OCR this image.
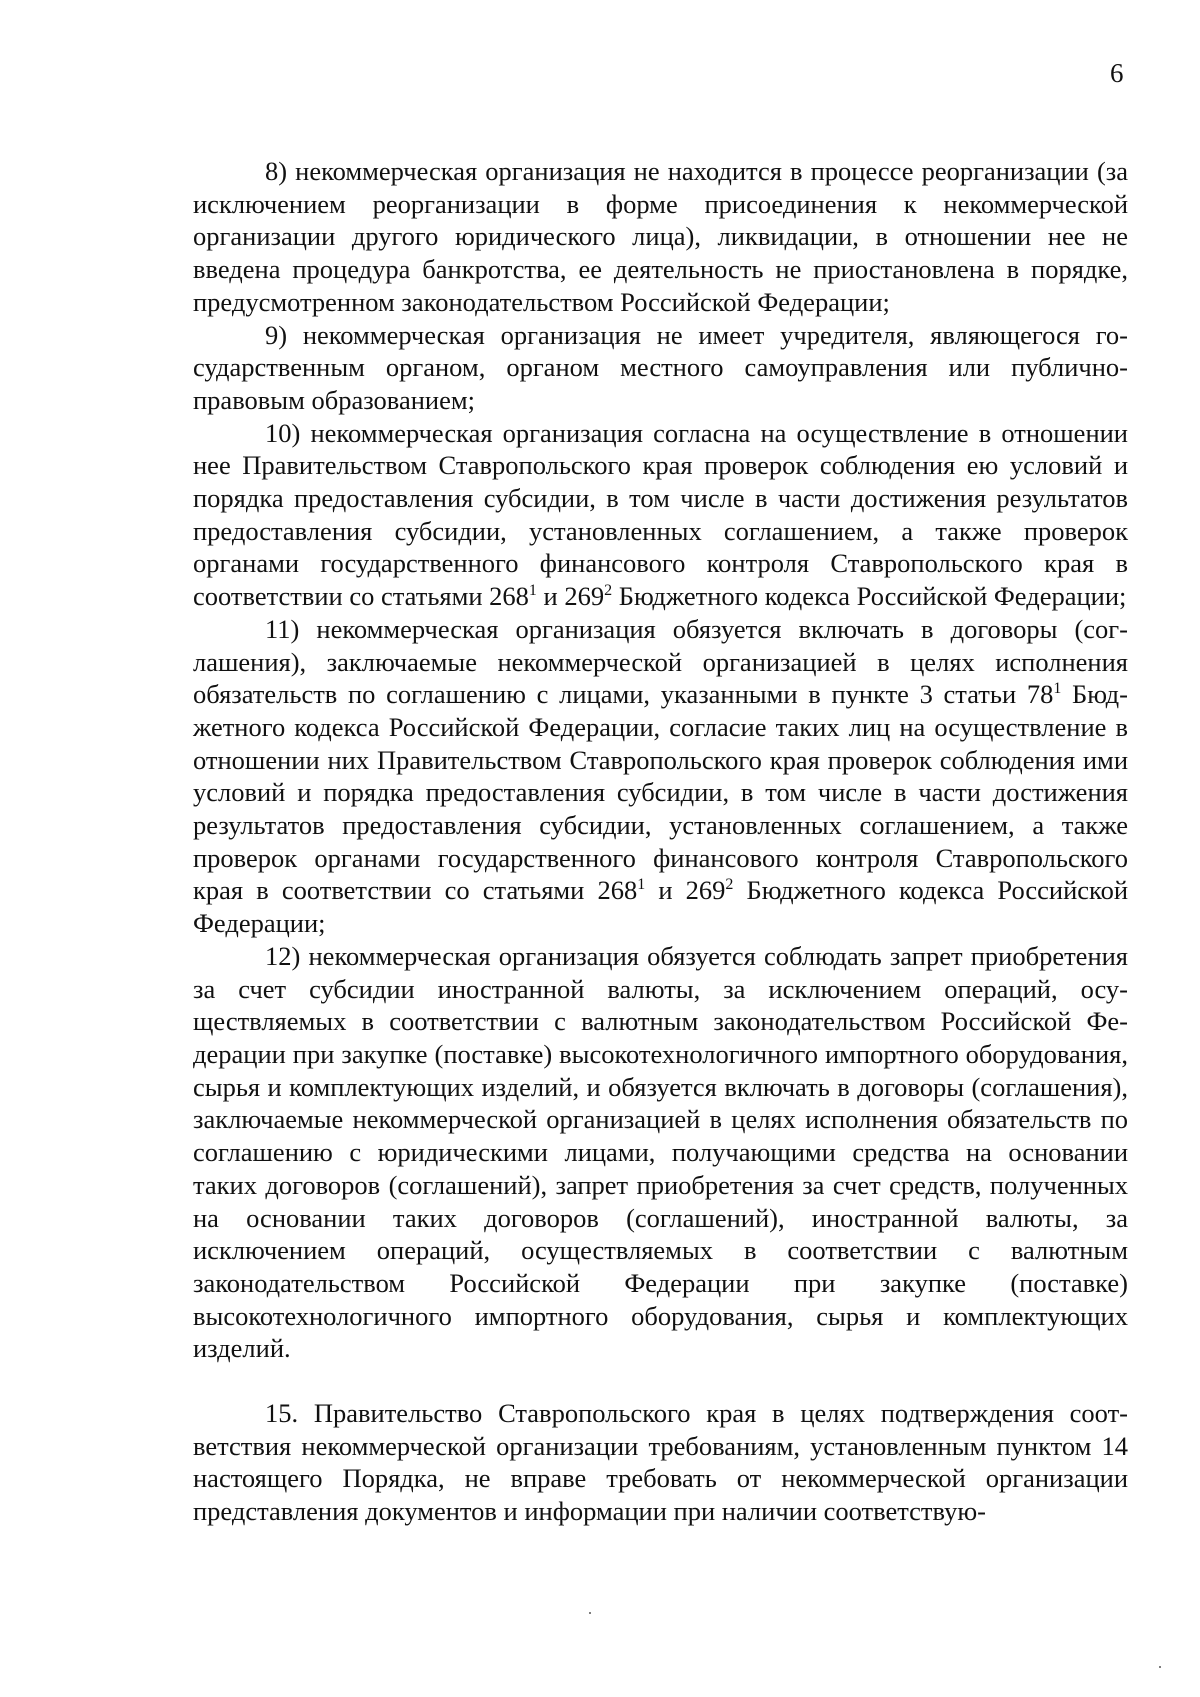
6

8) некоммерческая организация не находится в процессе реорганизации (за исключением реорганизации в форме присоединения к некоммерческой организации другого юридического лица), ликвидации, в отношении нее не введена процедура банкротства, ее деятельность не приостановлена в порядке, предусмотренном законодательством Российской Федерации;

9) некоммерческая организация не имеет учредителя, являющегося государственным органом, органом местного самоуправления или публично-правовым образованием;

10) некоммерческая организация согласна на осуществление в отношении нее Правительством Ставропольского края проверок соблюдения ею условий и порядка предоставления субсидии, в том числе в части достижения результатов предоставления субсидии, установленных соглашением, а также проверок органами государственного финансового контроля Ставропольского края в соответствии со статьями $268^1$ и $269^2$ Бюджетного кодекса Российской Федерации;

11) некоммерческая организация обязуется включать в договоры (соглашения), заключаемые некоммерческой организацией в целях исполнения обязательств по соглашению с лицами, указанными в пункте 3 статьи $78^1$ Бюджетного кодекса Российской Федерации, согласие таких лиц на осуществление в отношении них Правительством Ставропольского края проверок соблюдения ими условий и порядка предоставления субсидии, в том числе в части достижения результатов предоставления субсидии, установленных соглашением, а также проверок органами государственного финансового контроля Ставропольского края в соответствии со статьями $268^1$ и $269^2$ Бюджетного кодекса Российской Федерации;

12) некоммерческая организация обязуется соблюдать запрет приобретения за счет субсидии иностранной валюты, за исключением операций, осуществляемых в соответствии с валютным законодательством Российской Федерации при закупке (поставке) высокотехнологичного импортного оборудования, сырья и комплектующих изделий, и обязуется включать в договоры (соглашения), заключаемые некоммерческой организацией в целях исполнения обязательств по соглашению с юридическими лицами, получающими средства на основании таких договоров (соглашений), запрет приобретения за счет средств, полученных на основании таких договоров (соглашений), иностранной валюты, за исключением операций, осуществляемых в соответствии с валютным законодательством Российской Федерации при закупке (поставке) высокотехнологичного импортного оборудования, сырья и комплектующих изделий.

15. Правительство Ставропольского края в целях подтверждения соответствия некоммерческой организации требованиям, установленным пунктом 14 настоящего Порядка, не вправе требовать от некоммерческой организации представления документов и информации при наличии соответствую-
